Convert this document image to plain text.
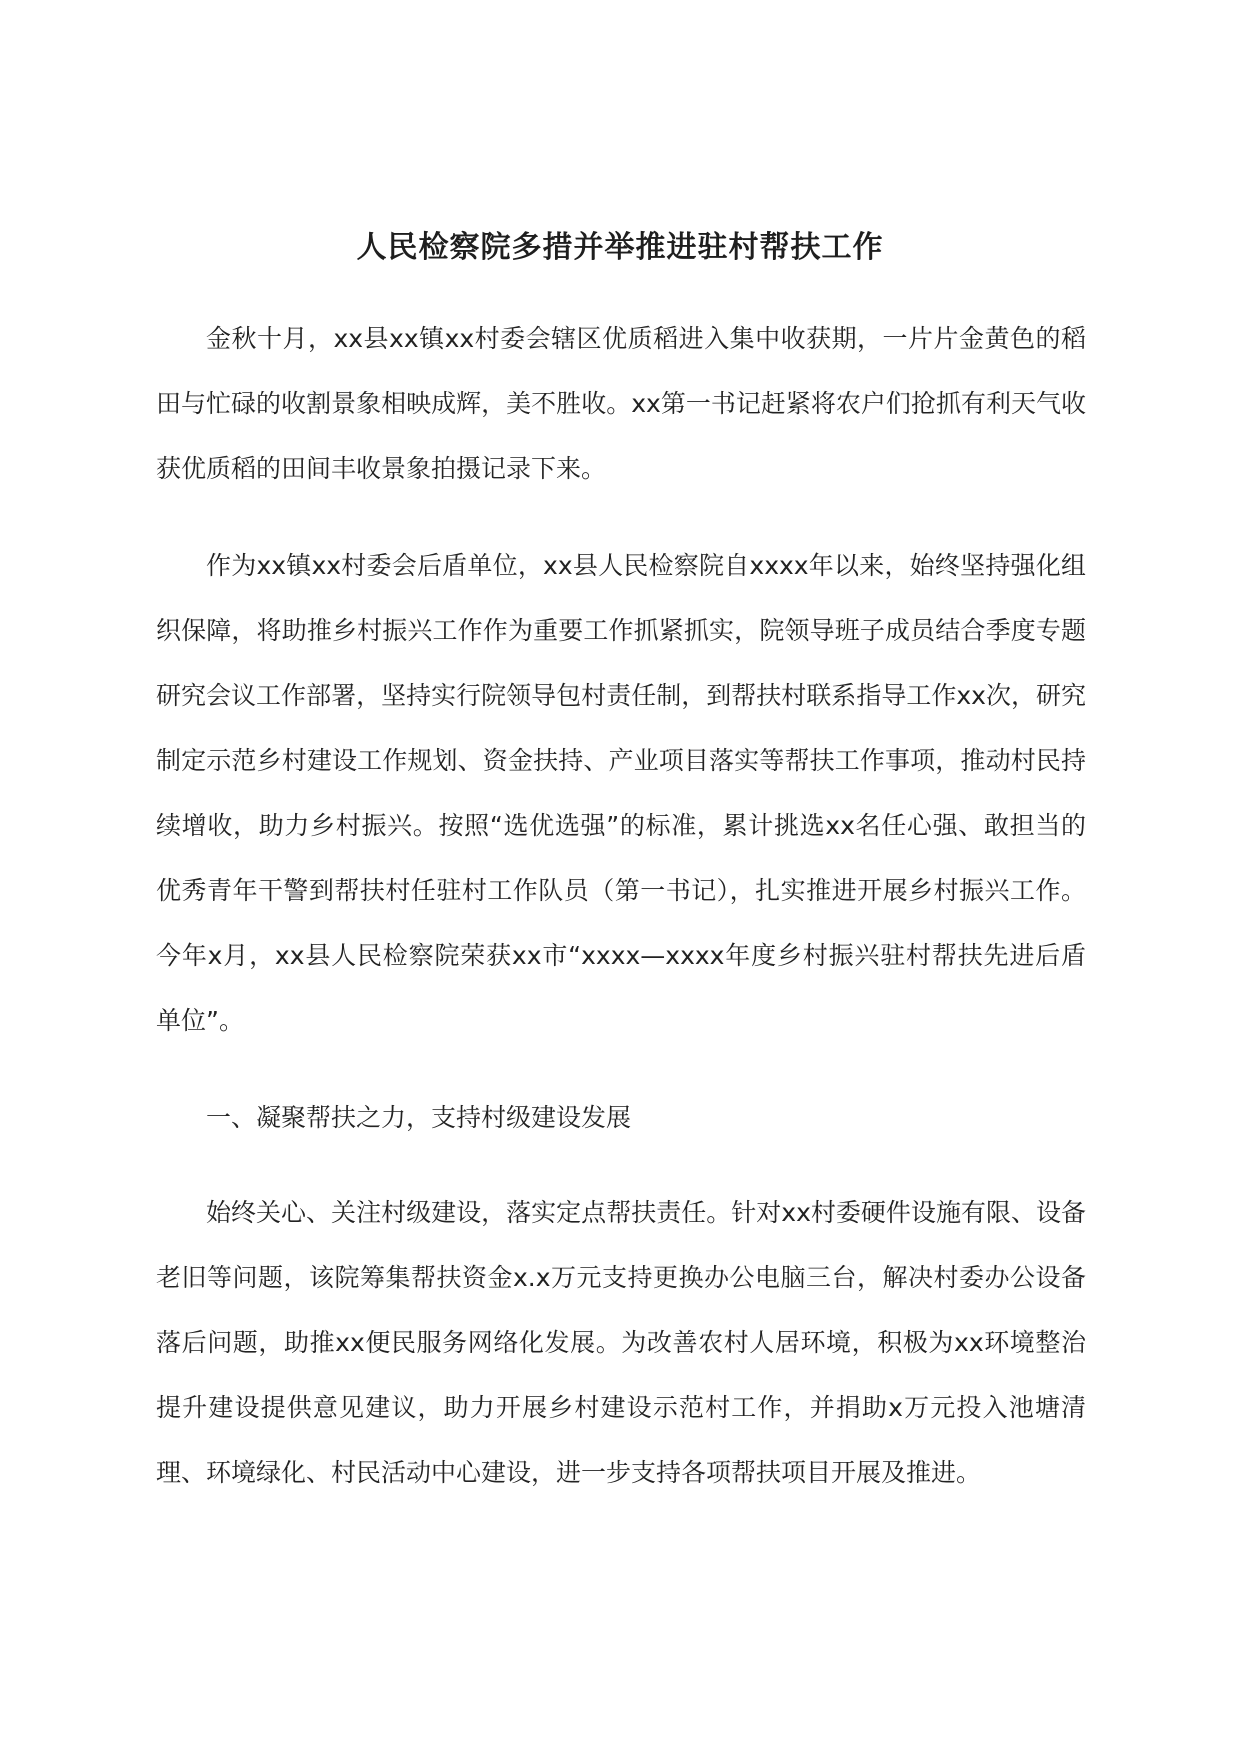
人民检察院多措并举推进驻村帮扶工作

金秋十月，xx县xx镇xx村委会辖区优质稻进入集中收获期，一片片金黄色的稻田与忙碌的收割景象相映成辉，美不胜收。xx第一书记赶紧将农户们抢抓有利天气收获优质稻的田间丰收景象拍摄记录下来。

作为xx镇xx村委会后盾单位，xx县人民检察院自xxxx年以来，始终坚持强化组织保障，将助推乡村振兴工作作为重要工作抓紧抓实，院领导班子成员结合季度专题研究会议工作部署，坚持实行院领导包村责任制，到帮扶村联系指导工作xx次，研究制定示范乡村建设工作规划、资金扶持、产业项目落实等帮扶工作事项，推动村民持续增收，助力乡村振兴。按照“选优选强”的标准，累计挑选xx名任心强、敢担当的优秀青年干警到帮扶村任驻村工作队员（第一书记），扎实推进开展乡村振兴工作。今年x月，xx县人民检察院荣获xx市“xxxx—xxxx年度乡村振兴驻村帮扶先进后盾单位”。

一、凝聚帮扶之力，支持村级建设发展

始终关心、关注村级建设，落实定点帮扶责任。针对xx村委硬件设施有限、设备老旧等问题，该院筹集帮扶资金x.x万元支持更换办公电脑三台，解决村委办公设备落后问题，助推xx便民服务网络化发展。为改善农村人居环境，积极为xx环境整治提升建设提供意见建议，助力开展乡村建设示范村工作，并捐助x万元投入池塘清理、环境绿化、村民活动中心建设，进一步支持各项帮扶项目开展及推进。
